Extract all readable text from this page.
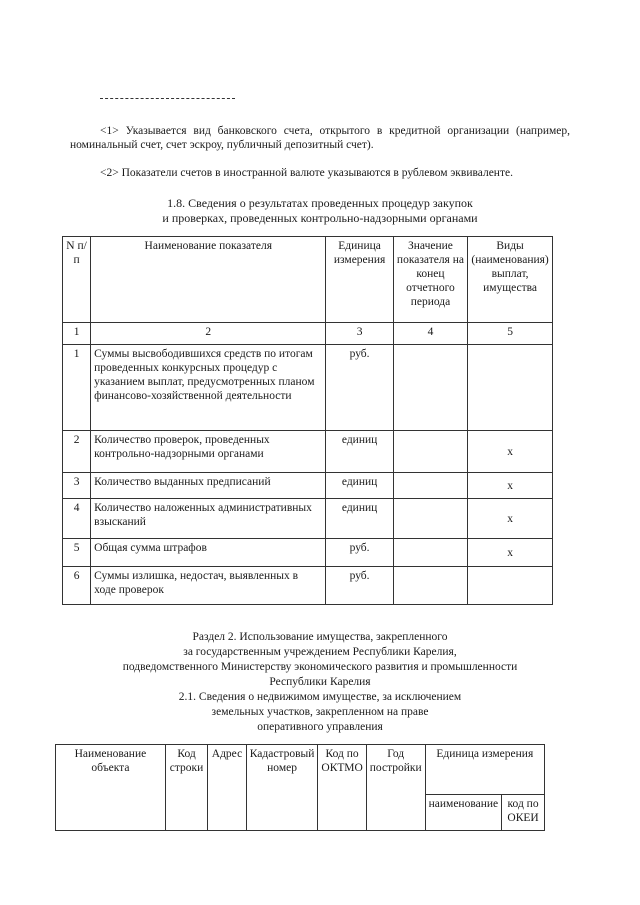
<1> Указывается вид банковского счета, открытого в кредитной организации (например, номинальный счет, счет эскроу, публичный депозитный счет).
<2> Показатели счетов в иностранной валюте указываются в рублевом эквиваленте.
1.8. Сведения о результатах проведенных процедур закупок
и проверках, проведенных контрольно-надзорными органами
N п/п	Наименование показателя	Единица измерения	Значение показателя на конец отчетного периода	Виды (наименования) выплат, имущества
1	2	3	4	5
1	Суммы высвободившихся средств по итогам проведенных конкурсных процедур с указанием выплат, предусмотренных планом финансово-хозяйственной деятельности	руб.		
2	Количество проверок, проведенных контрольно-надзорными органами	единиц		x
3	Количество выданных предписаний	единиц		x
4	Количество наложенных административных взысканий	единиц		x
5	Общая сумма штрафов	руб.		x
6	Суммы излишка, недостач, выявленных в ходе проверок	руб.		
Раздел 2. Использование имущества, закрепленного
за государственным учреждением Республики Карелия,
подведомственного Министерству экономического развития и промышленности
Республики Карелия
2.1. Сведения о недвижимом имуществе, за исключением
земельных участков, закрепленном на праве
оперативного управления
Наименование объекта	Код строки	Адрес	Кадастровый номер	Код по ОКТМО	Год постройки	Единица измерения	
						наименование	код по ОКЕИ
